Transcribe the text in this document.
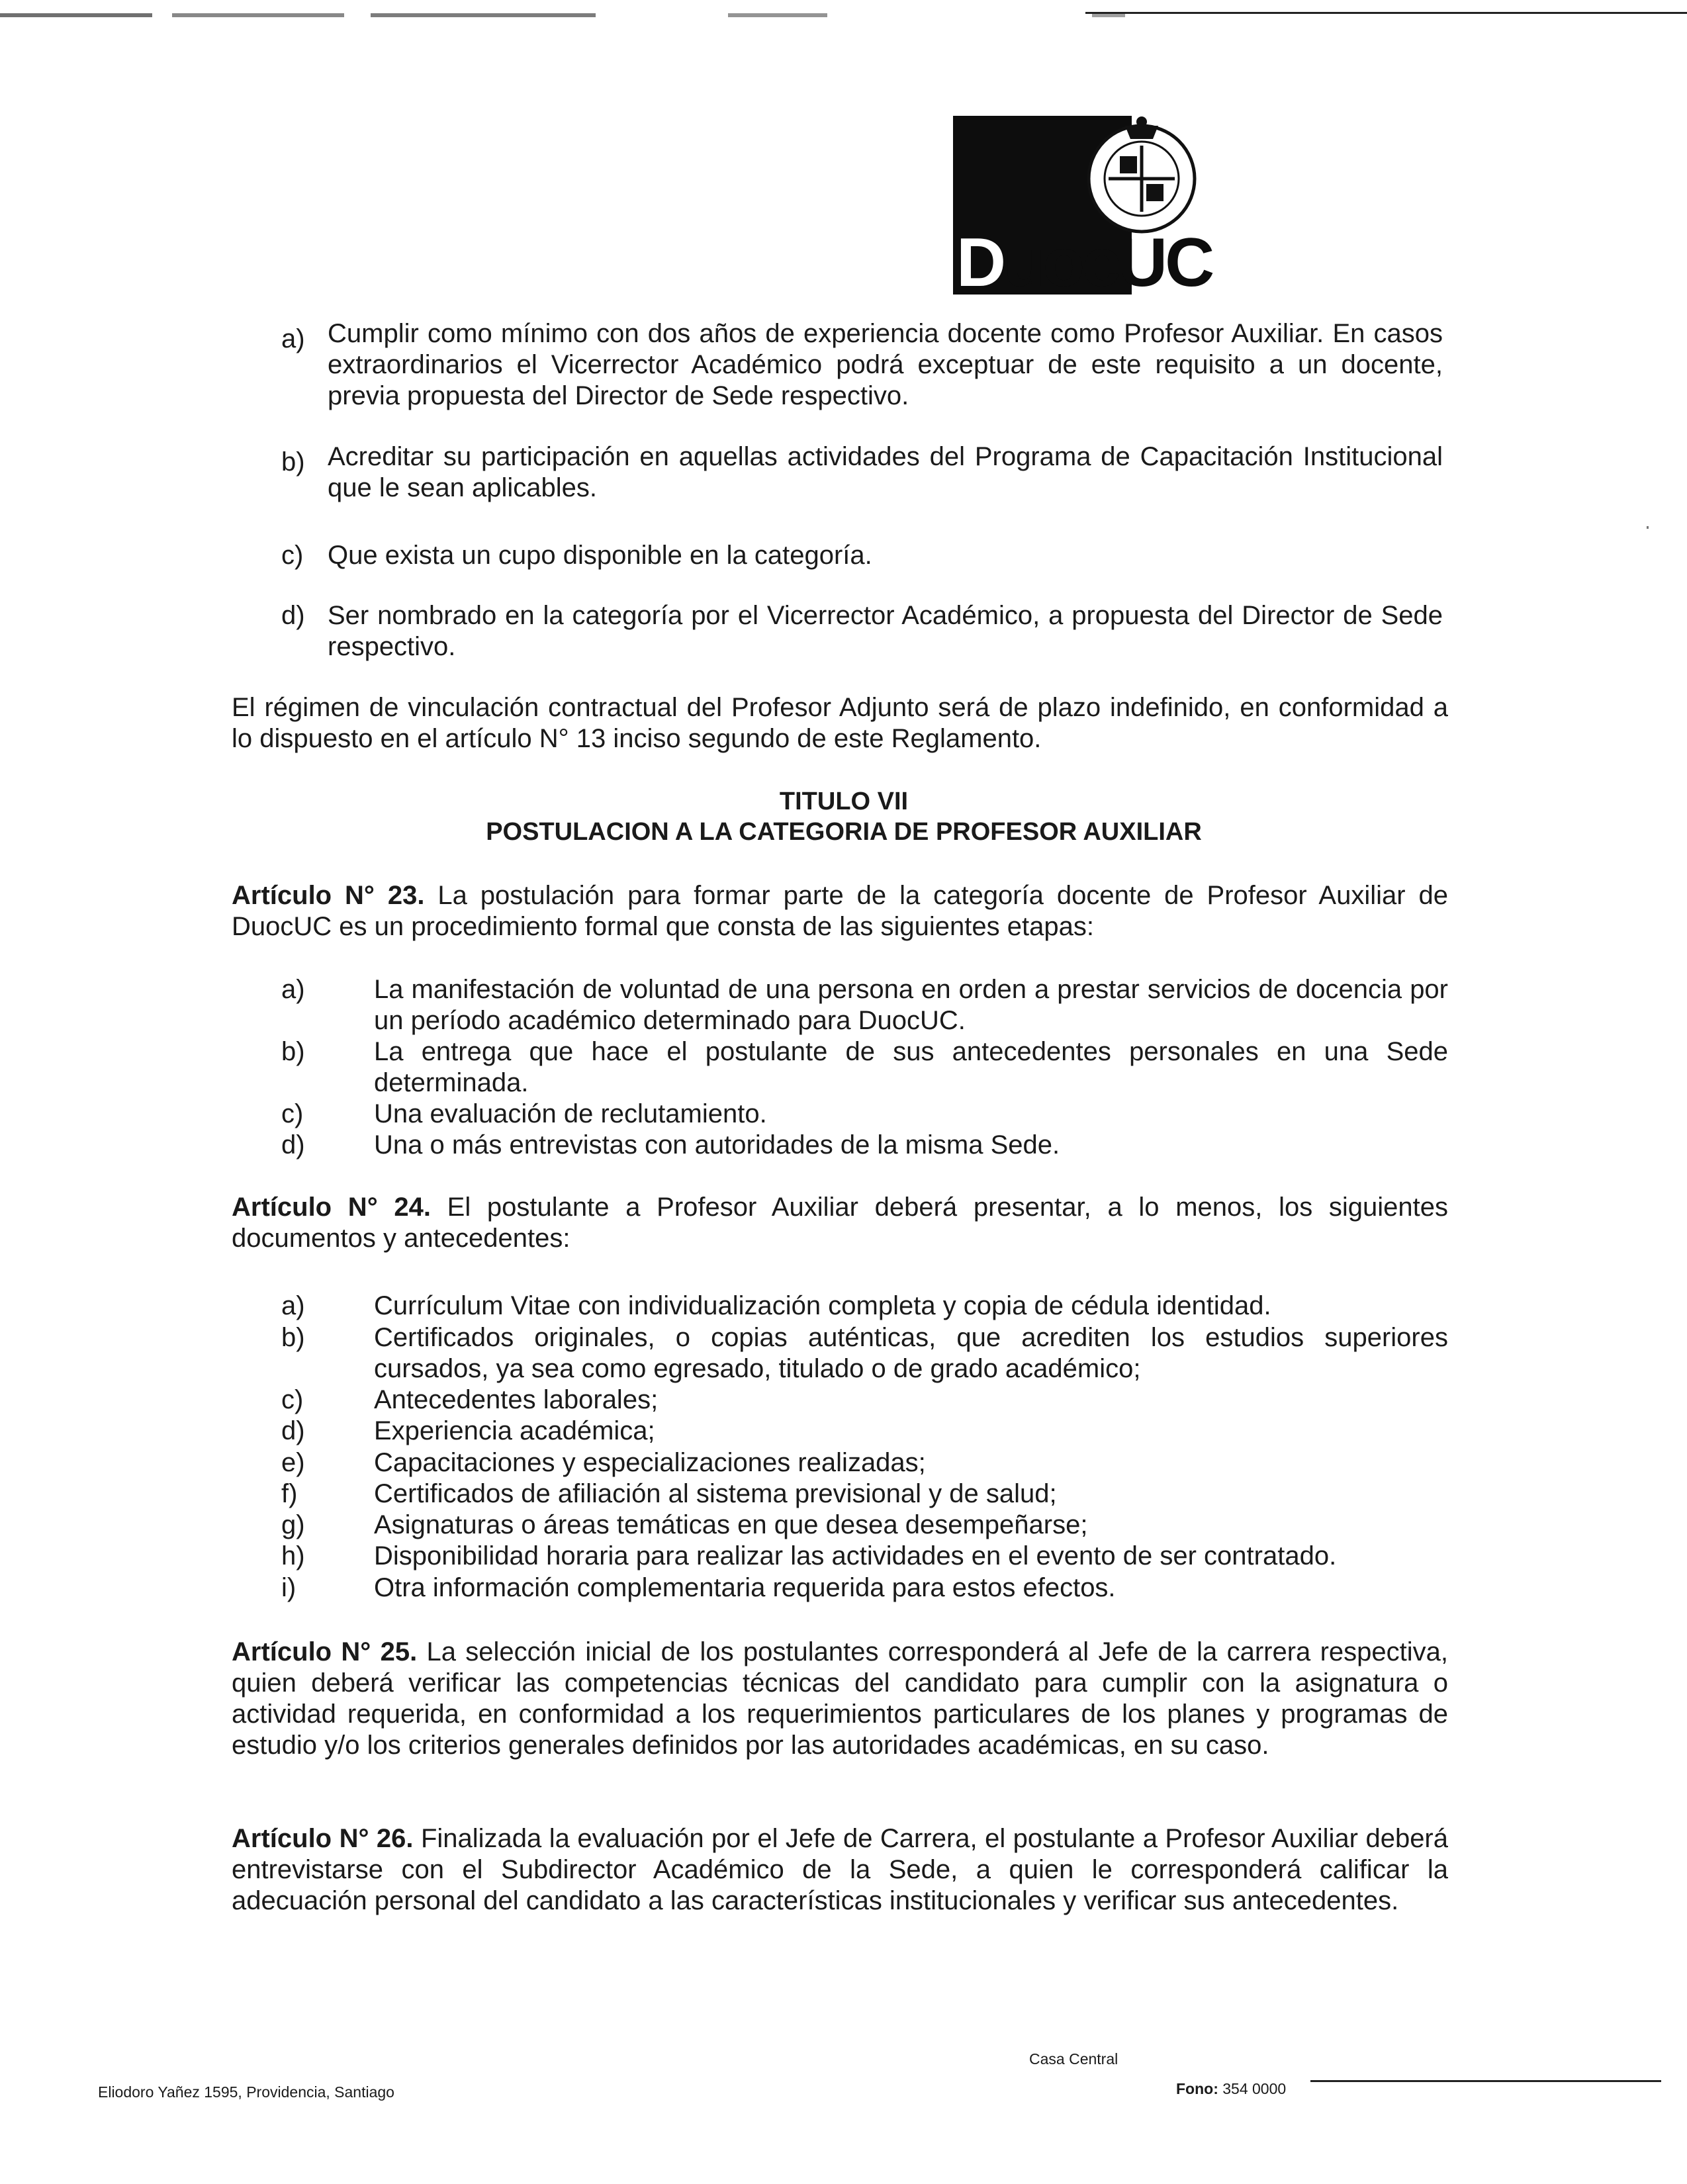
DuocUC
a) Cumplir como mínimo con dos años de experiencia docente como Profesor Auxiliar. En casos extraordinarios el Vicerrector Académico podrá exceptuar de este requisito a un docente, previa propuesta del Director de Sede respectivo.
b) Acreditar su participación en aquellas actividades del Programa de Capacitación Institucional que le sean aplicables.
c) Que exista un cupo disponible en la categoría.
d) Ser nombrado en la categoría por el Vicerrector Académico, a propuesta del Director de Sede respectivo.
El régimen de vinculación contractual del Profesor Adjunto será de plazo indefinido, en conformidad a lo dispuesto en el artículo N° 13 inciso segundo de este Reglamento.
TITULO VII
POSTULACION A LA CATEGORIA DE PROFESOR AUXILIAR
Artículo N° 23. La postulación para formar parte de la categoría docente de Profesor Auxiliar de DuocUC es un procedimiento formal que consta de las siguientes etapas:
a)	La manifestación de voluntad de una persona en orden a prestar servicios de docencia por un período académico determinado para DuocUC.
b)	La entrega que hace el postulante de sus antecedentes personales en una Sede determinada.
c)	Una evaluación de reclutamiento.
d)	Una o más entrevistas con autoridades de la misma Sede.
Artículo N° 24. El postulante a Profesor Auxiliar deberá presentar, a lo menos, los siguientes documentos y antecedentes:
a)	Currículum Vitae con individualización completa y copia de cédula identidad.
b)	Certificados originales, o copias auténticas, que acrediten los estudios superiores cursados, ya sea como egresado, titulado o de grado académico;
c)	Antecedentes laborales;
d)	Experiencia académica;
e)	Capacitaciones y especializaciones realizadas;
f)	Certificados de afiliación al sistema previsional y de salud;
g)	Asignaturas o áreas temáticas en que desea desempeñarse;
h)	Disponibilidad horaria para realizar las actividades en el evento de ser contratado.
i)	Otra información complementaria requerida para estos efectos.
Artículo N° 25. La selección inicial de los postulantes corresponderá al Jefe de la carrera respectiva, quien deberá verificar las competencias técnicas del candidato para cumplir con la asignatura o actividad requerida, en conformidad a los requerimientos particulares de los planes y programas de estudio y/o los criterios generales definidos por las autoridades académicas, en su caso.
Artículo N° 26. Finalizada la evaluación por el Jefe de Carrera, el postulante a Profesor Auxiliar deberá entrevistarse con el Subdirector Académico de la Sede, a quien le corresponderá calificar la adecuación personal del candidato a las características institucionales y verificar sus antecedentes.
Casa Central
Eliodoro Yañez 1595, Providencia, Santiago	Fono: 354 0000
